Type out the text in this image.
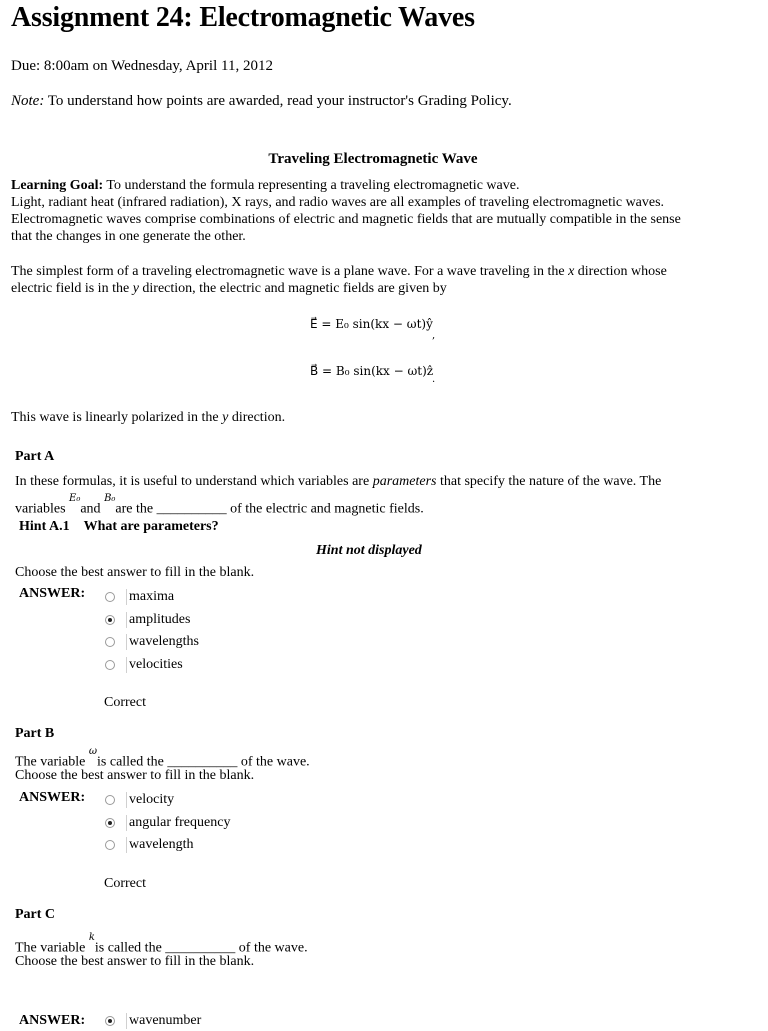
Assignment 24: Electromagnetic Waves
Due: 8:00am on Wednesday, April 11, 2012
Note: To understand how points are awarded, read your instructor's Grading Policy.
Traveling Electromagnetic Wave
Learning Goal: To understand the formula representing a traveling electromagnetic wave.
Light, radiant heat (infrared radiation), X rays, and radio waves are all examples of traveling electromagnetic waves.
Electromagnetic waves comprise combinations of electric and magnetic fields that are mutually compatible in the sense
that the changes in one generate the other.
The simplest form of a traveling electromagnetic wave is a plane wave. For a wave traveling in the x direction whose
electric field is in the y direction, the electric and magnetic fields are given by
E⃗ = E₀ sin(kx − ωt)ŷ
,
B⃗ = B₀ sin(kx − ωt)ẑ
.
This wave is linearly polarized in the y direction.
Part A
In these formulas, it is useful to understand which variables are parameters that specify the nature of the wave. The
variables $^{E_0}$and $^{B_0}$are the __________ of the electric and magnetic fields.
Hint A.1 What are parameters?
Hint not displayed
Choose the best answer to fill in the blank.
ANSWER:	maxima
amplitudes
wavelengths
velocities
Correct
Part B
The variable $^\omega$is called the __________ of the wave.
Choose the best answer to fill in the blank.
ANSWER:	velocity
angular frequency
wavelength
Correct
Part C
The variable $^k$is called the __________ of the wave.
Choose the best answer to fill in the blank.
ANSWER:	wavenumber
